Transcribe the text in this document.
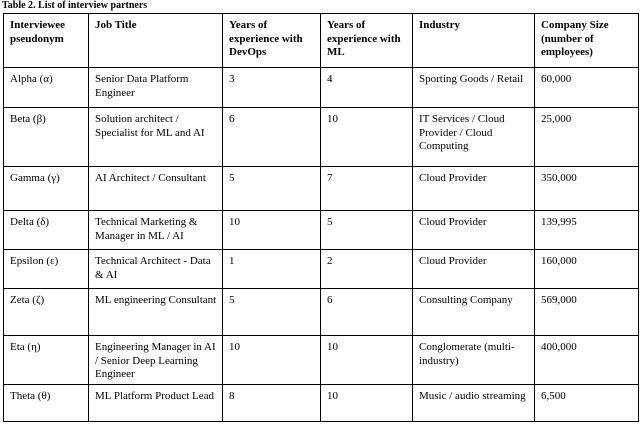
Table 2. List of interview partners
Interviewee pseudonym	Job Title	Years of experience with DevOps	Years of experience with ML	Industry	Company Size (number of employees)
Alpha (α)	Senior Data Platform Engineer	3	4	Sporting Goods / Retail	60,000
Beta (β)	Solution architect / Specialist for ML and AI	6	10	IT Services / Cloud Provider / Cloud Computing	25,000
Gamma (γ)	AI Architect / Consultant	5	7	Cloud Provider	350,000
Delta (δ)	Technical Marketing & Manager in ML / AI	10	5	Cloud Provider	139,995
Epsilon (ε)	Technical Architect - Data & AI	1	2	Cloud Provider	160,000
Zeta (ζ)	ML engineering Consultant	5	6	Consulting Company	569,000
Eta (η)	Engineering Manager in AI / Senior Deep Learning Engineer	10	10	Conglomerate (multi-industry)	400,000
Theta (θ)	ML Platform Product Lead	8	10	Music / audio streaming	6,500
